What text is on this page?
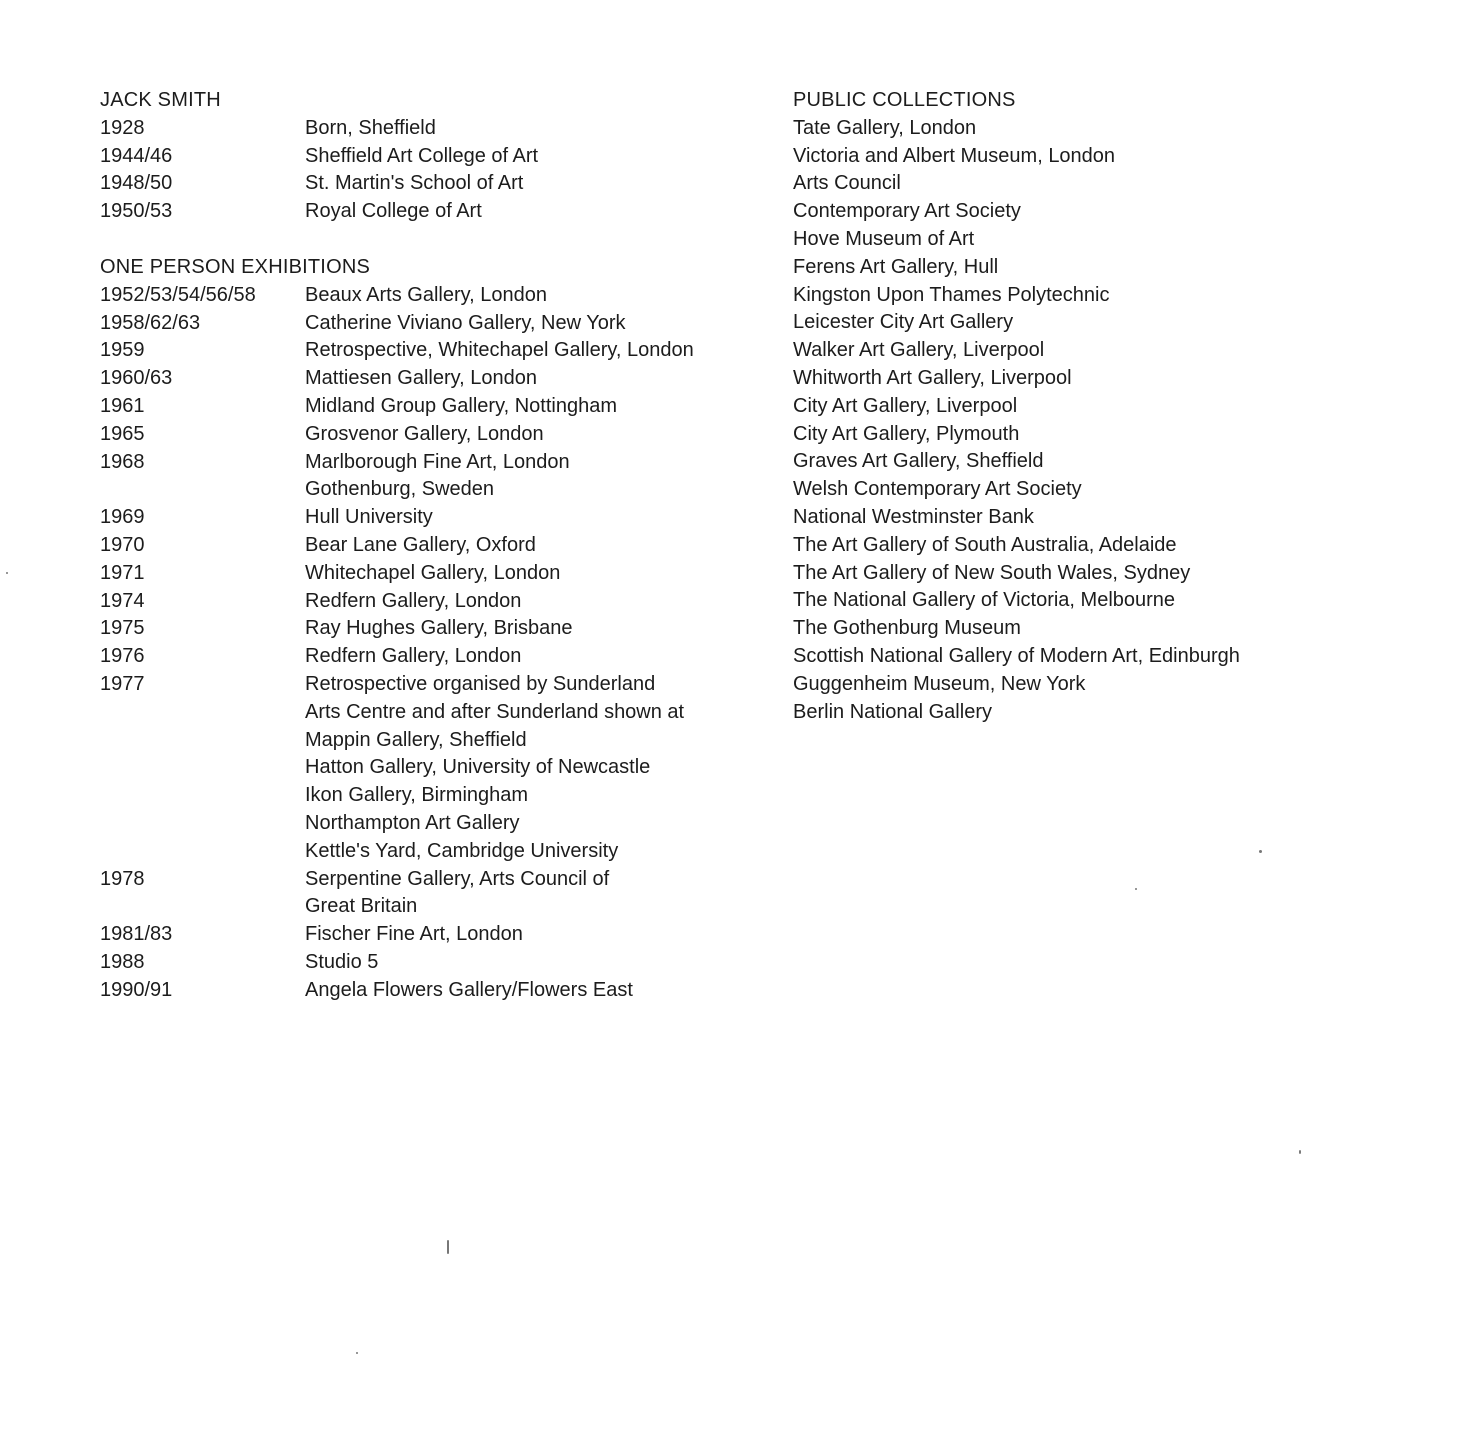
JACK SMITH
1928	Born, Sheffield
1944/46	Sheffield Art College of Art
1948/50	St. Martin's School of Art
1950/53	Royal College of Art
ONE PERSON EXHIBITIONS
1952/53/54/56/58	Beaux Arts Gallery, London
1958/62/63	Catherine Viviano Gallery, New York
1959	Retrospective, Whitechapel Gallery, London
1960/63	Mattiesen Gallery, London
1961	Midland Group Gallery, Nottingham
1965	Grosvenor Gallery, London
1968	Marlborough Fine Art, London
Gothenburg, Sweden
1969	Hull University
1970	Bear Lane Gallery, Oxford
1971	Whitechapel Gallery, London
1974	Redfern Gallery, London
1975	Ray Hughes Gallery, Brisbane
1976	Redfern Gallery, London
1977	Retrospective organised by Sunderland
Arts Centre and after Sunderland shown at
Mappin Gallery, Sheffield
Hatton Gallery, University of Newcastle
Ikon Gallery, Birmingham
Northampton Art Gallery
Kettle's Yard, Cambridge University
1978	Serpentine Gallery, Arts Council of
Great Britain
1981/83	Fischer Fine Art, London
1988	Studio 5
1990/91	Angela Flowers Gallery/Flowers East
PUBLIC COLLECTIONS
Tate Gallery, London
Victoria and Albert Museum, London
Arts Council
Contemporary Art Society
Hove Museum of Art
Ferens Art Gallery, Hull
Kingston Upon Thames Polytechnic
Leicester City Art Gallery
Walker Art Gallery, Liverpool
Whitworth Art Gallery, Liverpool
City Art Gallery, Liverpool
City Art Gallery, Plymouth
Graves Art Gallery, Sheffield
Welsh Contemporary Art Society
National Westminster Bank
The Art Gallery of South Australia, Adelaide
The Art Gallery of New South Wales, Sydney
The National Gallery of Victoria, Melbourne
The Gothenburg Museum
Scottish National Gallery of Modern Art, Edinburgh
Guggenheim Museum, New York
Berlin National Gallery
